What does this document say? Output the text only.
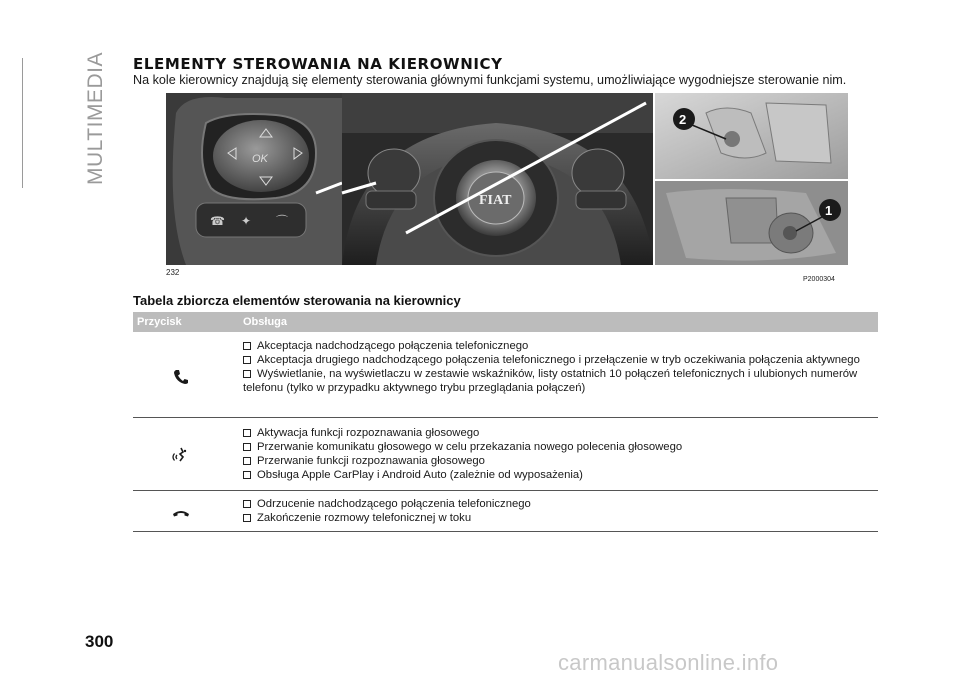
MULTIMEDIA ELEMENTY STEROWANIA NA KIEROWNICY
Na kole kierownicy znajdują się elementy sterowania głównymi funkcjami systemu, umożliwiające wygodniejsze sterowanie nim.
OK
☎ ✦ ⌒
FIAT
2
1
232
P2000304
Tabela zbiorcza elementów sterowania na kierownicy
Przycisk	Obsługa
Akceptacja nadchodzącego połączenia telefonicznego
Akceptacja drugiego nadchodzącego połączenia telefonicznego i przełączenie w tryb oczekiwania połączenia aktywnego
Wyświetlanie, na wyświetlaczu w zestawie wskaźników, listy ostatnich 10 połączeń telefonicznych i ulubionych numerów telefonu (tylko w przypadku aktywnego trybu przeglądania połączeń)
Aktywacja funkcji rozpoznawania głosowego
Przerwanie komunikatu głosowego w celu przekazania nowego polecenia głosowego
Przerwanie funkcji rozpoznawania głosowego
Obsługa Apple CarPlay i Android Auto (zależnie od wyposażenia)
Odrzucenie nadchodzącego połączenia telefonicznego
Zakończenie rozmowy telefonicznej w toku
300
carmanualsonline.info
